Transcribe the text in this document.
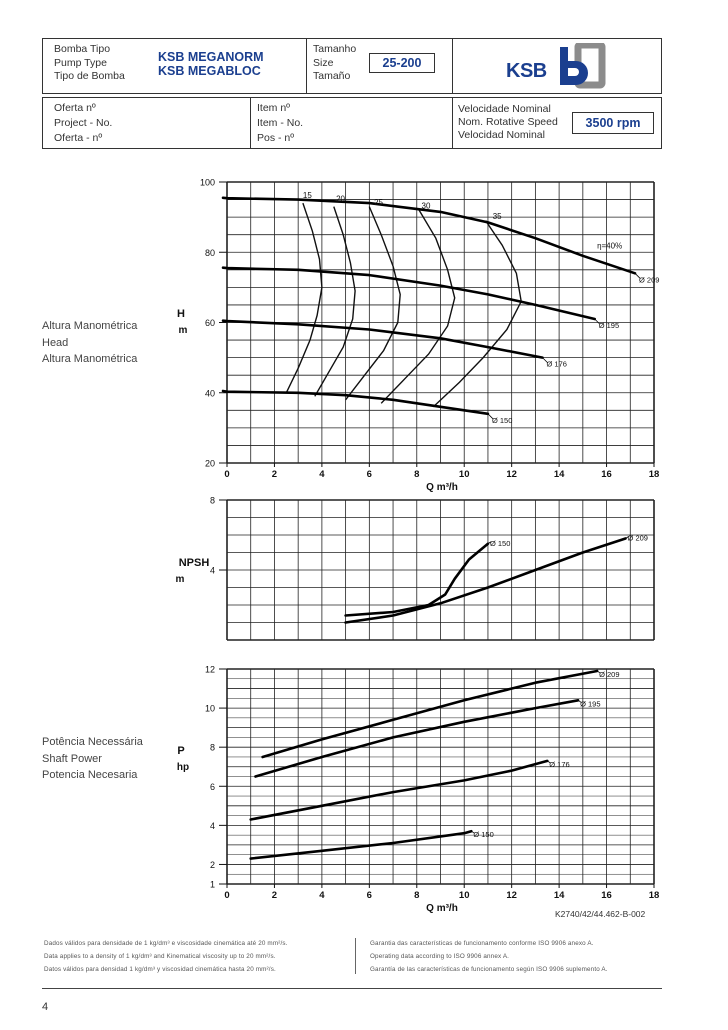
Bomba Tipo
Pump Type
Tipo de Bomba
KSB MEGANORM
KSB MEGABLOC
Tamanho
Size
Tamaño
25-200	KSB
Oferta nº
Project - No.
Oferta - nº
Item nº
Item - No.
Pos - nº
Velocidade Nominal
Nom. Rotative Speed
Velocidad Nominal
3500 rpm
Altura Manométrica
Head
Altura Manométrica
Potência Necessária
Shaft Power
Potencia Necesaria
20
40
60
80
100
0	2	4	6	8	10	12	14	16	18
Q m³/h
H
m
15	20	25	30
35
η=40%
Ø 209
Ø 195
Ø 176
Ø 150
4
8
NPSH
m
Ø 150
Ø 209
1
2
4
6
8
10
12
0	2	4	6	8	10	12	14	16	18
Q m³/h
P
hp
Ø 209
Ø 195
Ø 176
Ø 150
K2740/42/44.462-B-002
Dados válidos para densidade de 1 kg/dm³ e viscosidade cinemática até 20 mm²/s.
Data applies to a density of 1 kg/dm³ and Kinematical viscosity up to 20 mm²/s.
Datos válidos para densidad 1 kg/dm³ y viscosidad cinemática hasta 20 mm²/s.
Garantia das características de funcionamento conforme ISO 9906 anexo A.
Operating data according to ISO 9906 annex A.
Garantía de las características de funcionamento según ISO 9906 suplemento A.
4
